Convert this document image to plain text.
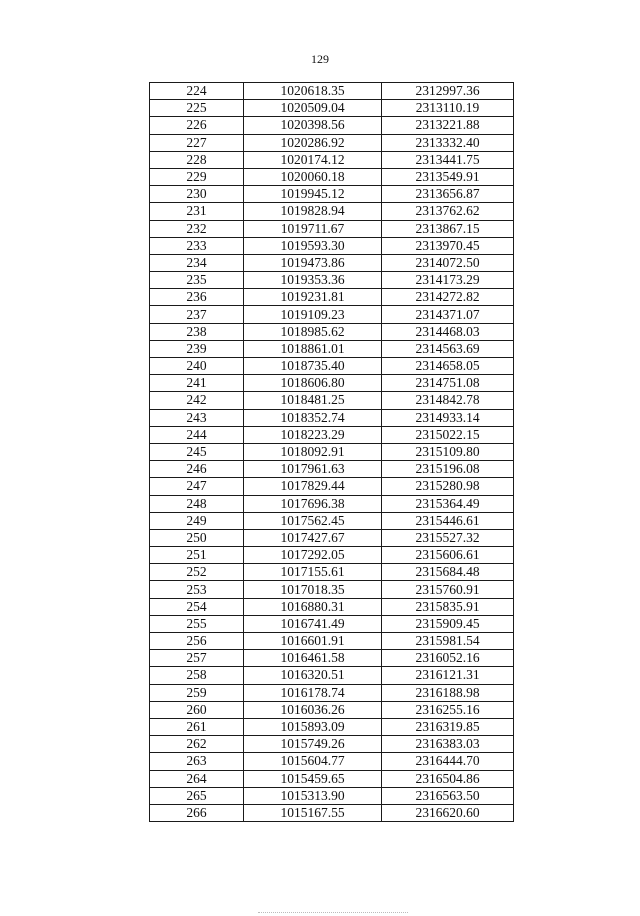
129
224	1020618.35	2312997.36
225	1020509.04	2313110.19
226	1020398.56	2313221.88
227	1020286.92	2313332.40
228	1020174.12	2313441.75
229	1020060.18	2313549.91
230	1019945.12	2313656.87
231	1019828.94	2313762.62
232	1019711.67	2313867.15
233	1019593.30	2313970.45
234	1019473.86	2314072.50
235	1019353.36	2314173.29
236	1019231.81	2314272.82
237	1019109.23	2314371.07
238	1018985.62	2314468.03
239	1018861.01	2314563.69
240	1018735.40	2314658.05
241	1018606.80	2314751.08
242	1018481.25	2314842.78
243	1018352.74	2314933.14
244	1018223.29	2315022.15
245	1018092.91	2315109.80
246	1017961.63	2315196.08
247	1017829.44	2315280.98
248	1017696.38	2315364.49
249	1017562.45	2315446.61
250	1017427.67	2315527.32
251	1017292.05	2315606.61
252	1017155.61	2315684.48
253	1017018.35	2315760.91
254	1016880.31	2315835.91
255	1016741.49	2315909.45
256	1016601.91	2315981.54
257	1016461.58	2316052.16
258	1016320.51	2316121.31
259	1016178.74	2316188.98
260	1016036.26	2316255.16
261	1015893.09	2316319.85
262	1015749.26	2316383.03
263	1015604.77	2316444.70
264	1015459.65	2316504.86
265	1015313.90	2316563.50
266	1015167.55	2316620.60
